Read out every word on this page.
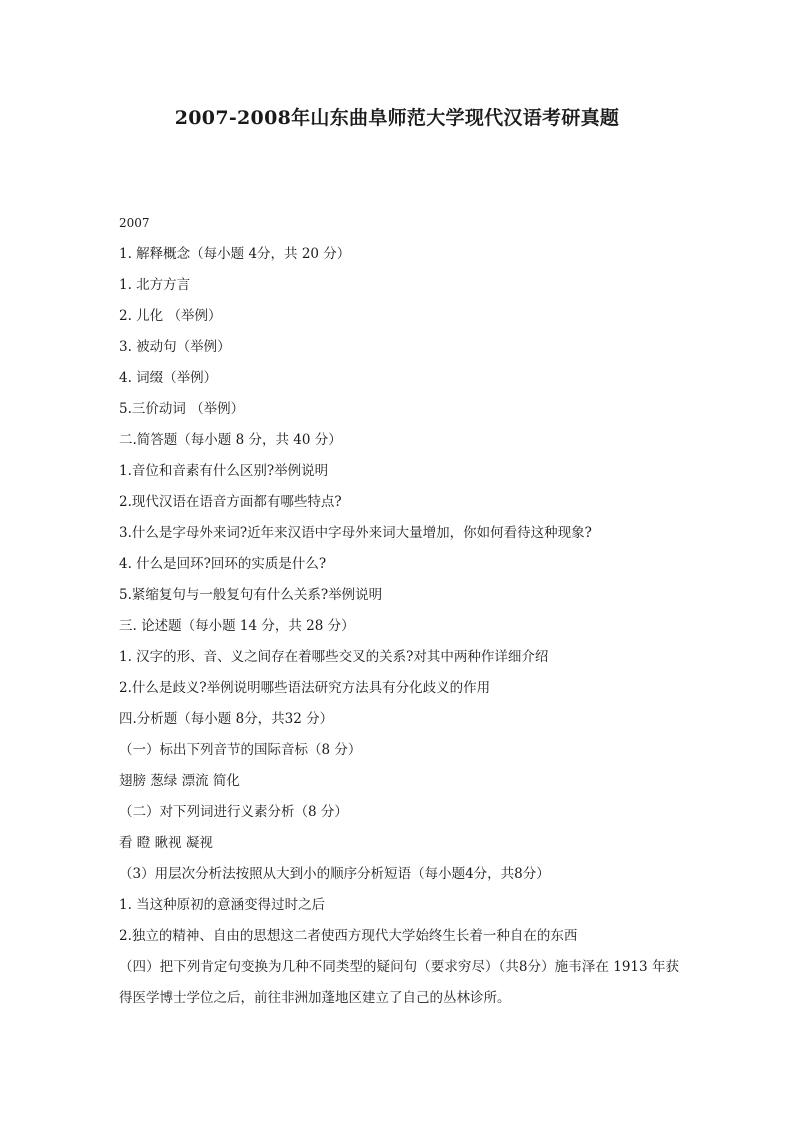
2007-2008年山东曲阜师范大学现代汉语考研真题

2007

1. 解释概念（每小题 4分，共 20 分）

1. 北方方言

2. 儿化 （举例）

3. 被动句（举例）

4. 词缀（举例）

5.三价动词 （举例）

二.简答题（每小题 8 分，共 40 分）

1.音位和音素有什么区别?举例说明

2.现代汉语在语音方面都有哪些特点?

3.什么是字母外来词?近年来汉语中字母外来词大量增加，你如何看待这种现象?

4. 什么是回环?回环的实质是什么?

5.紧缩复句与一般复句有什么关系?举例说明

三. 论述题（每小题 14 分，共 28 分）

1. 汉字的形、音、义之间存在着哪些交叉的关系?对其中两种作详细介绍

2.什么是歧义?举例说明哪些语法研究方法具有分化歧义的作用

四.分析题（每小题 8分，共32 分）

（一）标出下列音节的国际音标（8 分）

翅膀 葱绿 漂流 简化

（二）对下列词进行义素分析（8 分）

看 瞪 瞅视 凝视

（3）用层次分析法按照从大到小的顺序分析短语（每小题4分，共8分）

1. 当这种原初的意涵变得过时之后

2.独立的精神、自由的思想这二者使西方现代大学始终生长着一种自在的东西

（四）把下列肯定句变换为几种不同类型的疑问句（要求穷尽）（共8分）施韦泽在 1913 年获得医学博士学位之后，前往非洲加蓬地区建立了自己的丛林诊所。
